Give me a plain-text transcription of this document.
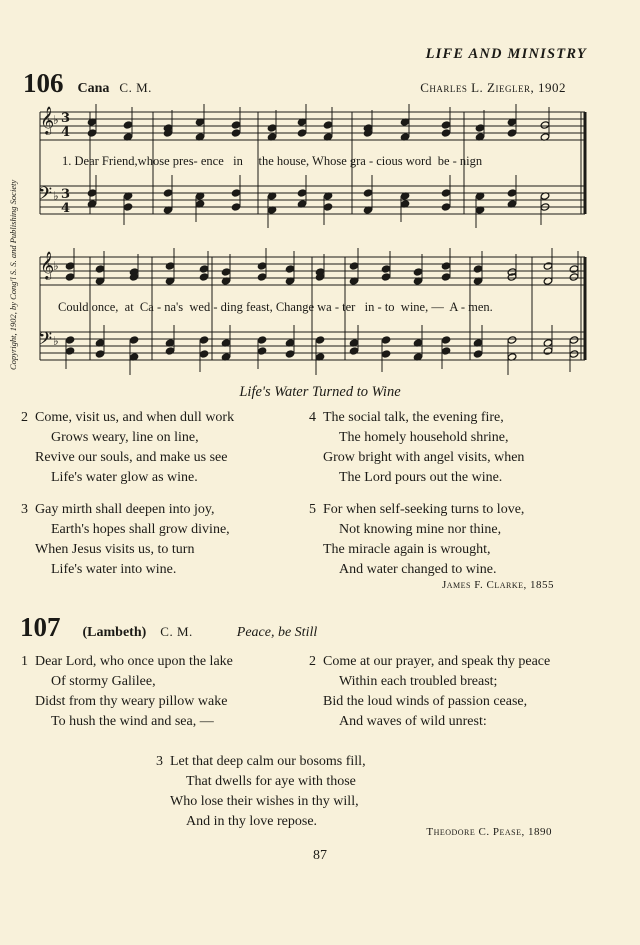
LIFE AND MINISTRY
Copyright, 1902, by Cong'l S. S. and Publishing Society
106 Cana C. M.	Charles L. Ziegler, 1902
𝄞
𝄞
𝄢
𝄢
♭
♭
♭
♭
3
4
3
4
1. Dear Friend,whose pres- ence   in     the house, Whose gra - cious word  be - nign
Could once,  at  Ca - na's  wed - ding feast, Change wa - ter   in - to  wine, —  A - men.
Life's Water Turned to Wine
2 Come, visit us, and when dull work
Grows weary, line on line,
Revive our souls, and make us see
Life's water glow as wine.
3 Gay mirth shall deepen into joy,
Earth's hopes shall grow divine,
When Jesus visits us, to turn
Life's water into wine.
4 The social talk, the evening fire,
The homely household shrine,
Grow bright with angel visits, when
The Lord pours out the wine.
5 For when self-seeking turns to love,
Not knowing mine nor thine,
The miracle again is wrought,
And water changed to wine.
James F. Clarke, 1855
107 (Lambeth) C. M.	Peace, be Still
1 Dear Lord, who once upon the lake
Of stormy Galilee,
Didst from thy weary pillow wake
To hush the wind and sea, —
2 Come at our prayer, and speak thy peace
Within each troubled breast;
Bid the loud winds of passion cease,
And waves of wild unrest:
3 Let that deep calm our bosoms fill,
That dwells for aye with those
Who lose their wishes in thy will,
And in thy love repose.
Theodore C. Pease, 1890
87
